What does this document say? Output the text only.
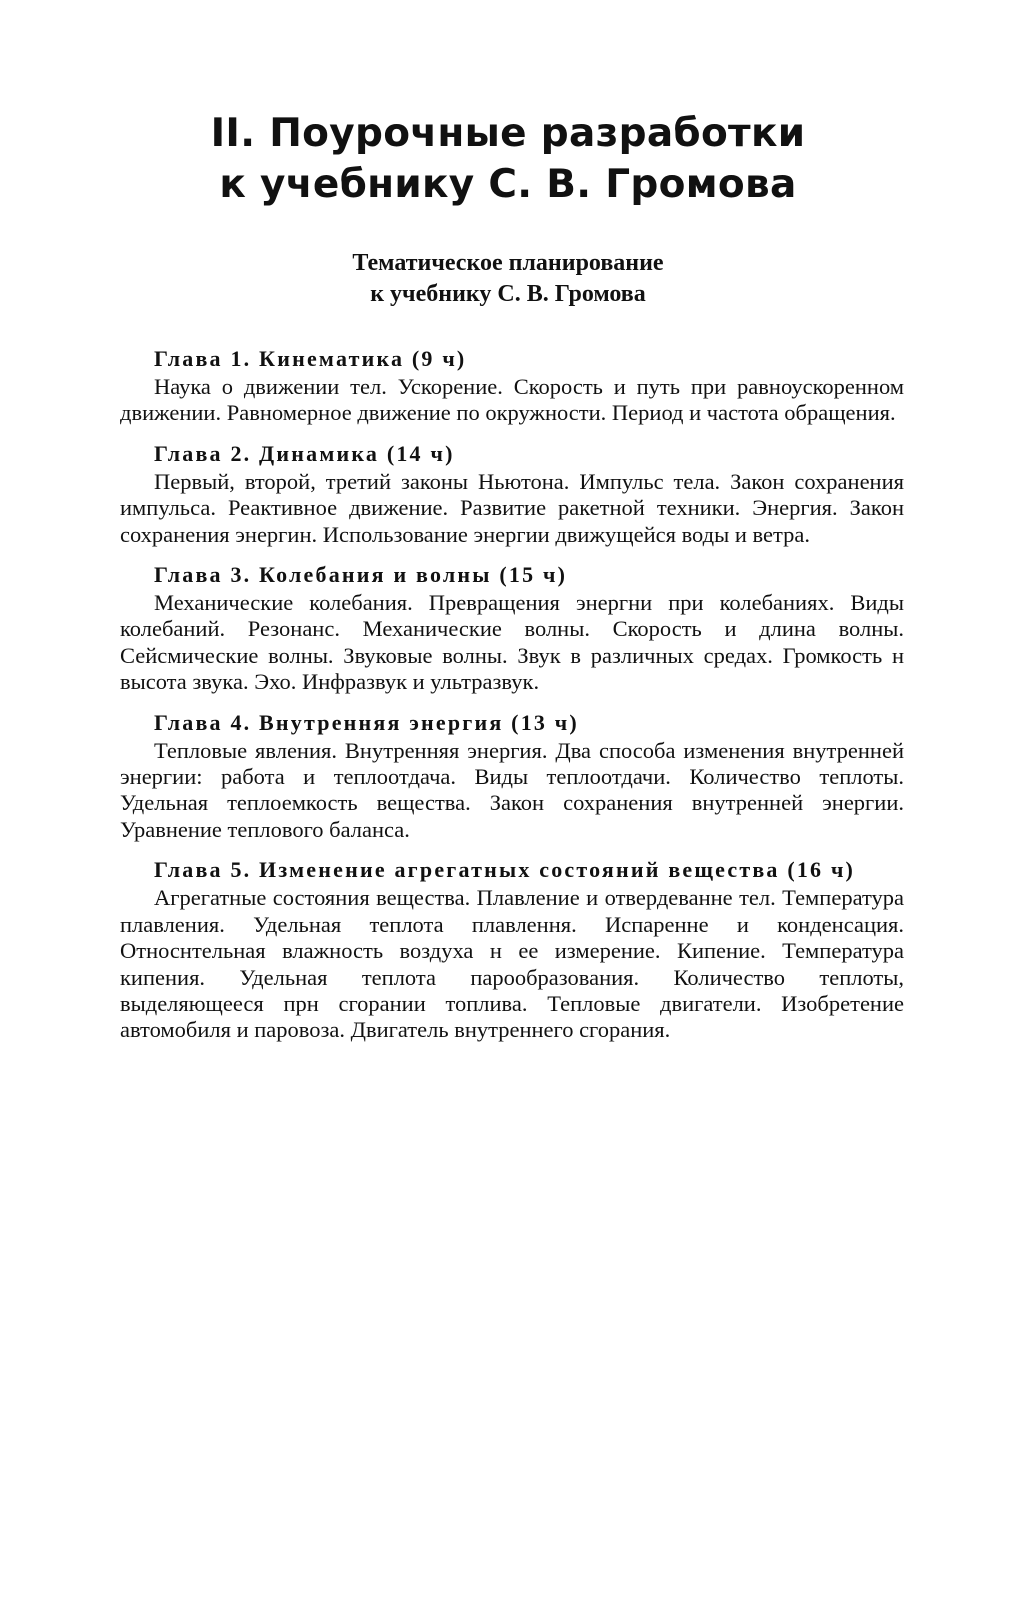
II. Поурочные разработки
к учебнику С. В. Громова
Тематическое планирование
к учебнику С. В. Громова

Глава 1. Кинематика (9 ч)

Наука о движении тел. Ускорение. Скорость и путь при равноускоренном движении. Равномерное движение по окружности. Период и частота обращения.

Глава 2. Динамика (14 ч)

Первый, второй, третий законы Ньютона. Импульс тела. Закон сохранения импульса. Реактивное движение. Развитие ракетной техники. Энергия. Закон сохранения энергин. Использование энергии движущейся воды и ветра.

Глава 3. Колебания и волны (15 ч)

Механические колебания. Превращения энергни при колебаниях. Виды колебаний. Резонанс. Механические волны. Скорость и длина волны. Сейсмические волны. Звуковые волны. Звук в различных средах. Громкость н высота звука. Эхо. Инфразвук и ультразвук.

Глава 4. Внутренняя энергия (13 ч)

Тепловые явления. Внутренняя энергия. Два способа изменения внутренней энергии: работа и теплоотдача. Виды теплоотдачи. Количество теплоты. Удельная теплоемкость вещества. Закон сохранения внутренней энергии. Уравнение теплового баланса.

Глава 5. Изменение агрегатных состояний вещества (16 ч)

Агрегатные состояния вещества. Плавление и отвердеванне тел. Температура плавления. Удельная теплота плавлення. Испаренне и конденсация. Относнтельная влажность воздуха н ее измерение. Кипение. Температура кипения. Удельная теплота парообразования. Количество теплоты, выделяющееся прн сгорании топлива. Тепловые двигатели. Изобретение автомобиля и паровоза. Двигатель внутреннего сгорания.
